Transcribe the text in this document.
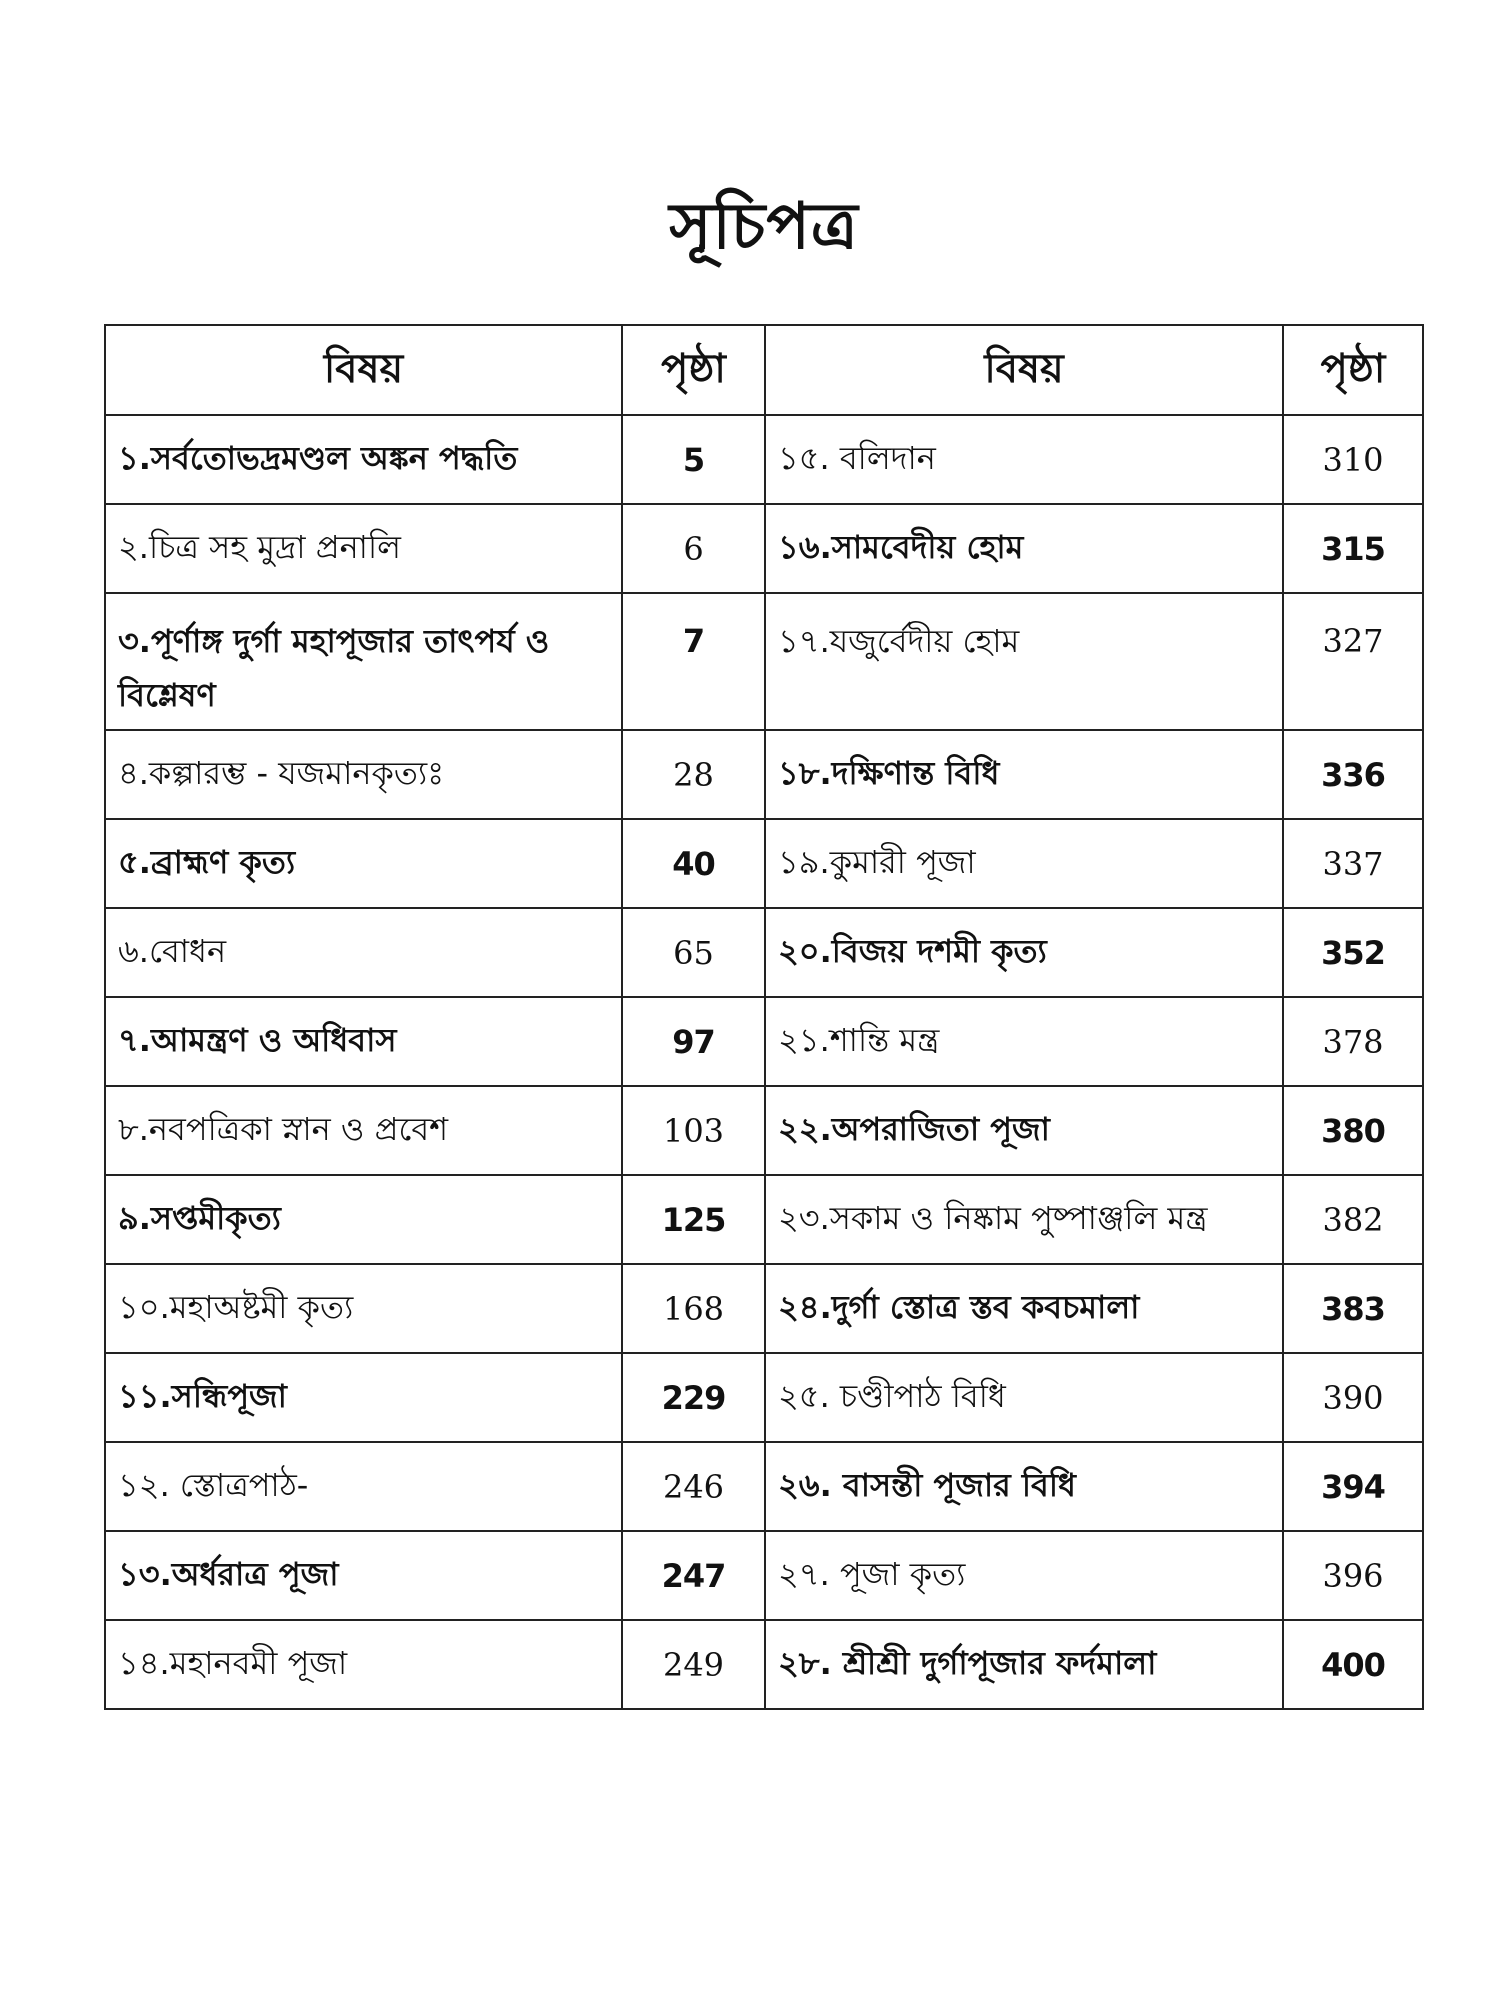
সূচিপত্র
বিষয়	পৃষ্ঠা	বিষয়	পৃষ্ঠা
১.সর্বতোভদ্রমণ্ডল অঙ্কন পদ্ধতি	5	১৫. বলিদান	310
২.চিত্র সহ মুদ্রা প্রনালি	6	১৬.সামবেদীয় হোম	315
৩.পূর্ণাঙ্গ দুর্গা মহাপূজার তাৎপর্য ও বিশ্লেষণ	7	১৭.যজুর্বেদীয় হোম	327
৪.কল্পারম্ভ - যজমানকৃত্যঃ	28	১৮.দক্ষিণান্ত বিধি	336
৫.ব্রাহ্মণ কৃত্য	40	১৯.কুমারী পূজা	337
৬.বোধন	65	২০.বিজয় দশমী কৃত্য	352
৭.আমন্ত্রণ ও অধিবাস	97	২১.শান্তি মন্ত্র	378
৮.নবপত্রিকা স্নান ও প্রবেশ	103	২২.অপরাজিতা পূজা	380
৯.সপ্তমীকৃত্য	125	২৩.সকাম ও নিষ্কাম পুষ্পাঞ্জলি মন্ত্র	382
১০.মহাঅষ্টমী কৃত্য	168	২৪.দুর্গা স্তোত্র স্তব কবচমালা	383
১১.সন্ধিপূজা	229	২৫. চণ্ডীপাঠ বিধি	390
১২. স্তোত্রপাঠ-	246	২৬. বাসন্তী পূজার বিধি	394
১৩.অর্ধরাত্র পূজা	247	২৭. পূজা কৃত্য	396
১৪.মহানবমী পূজা	249	২৮. শ্রীশ্রী দুর্গাপূজার ফর্দমালা	400
